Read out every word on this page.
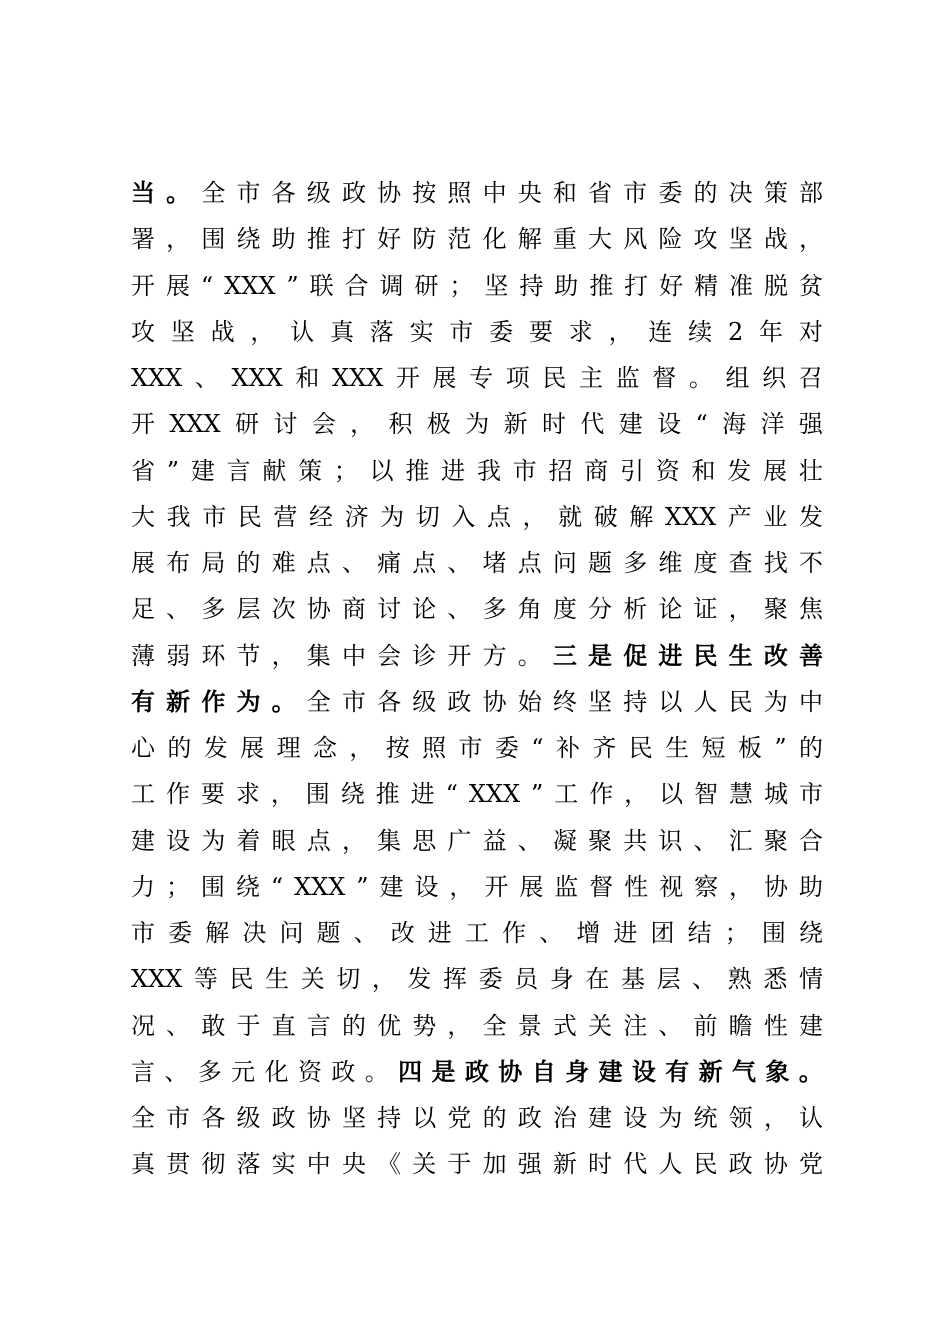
当 。 全 市 各 级 政 协 按 照 中 央 和 省 市 委 的 决 策 部
署 ， 围 绕 助 推 打 好 防 范 化 解 重 大 风 险 攻 坚 战 ，
开 展 “ XXX ” 联 合 调 研 ； 坚 持 助 推 打 好 精 准 脱 贫
攻 坚 战 ， 认 真 落 实 市 委 要 求 ， 连 续 2 年 对
XXX 、 XXX 和 XXX 开 展 专 项 民 主 监 督 。 组 织 召
开 XXX 研 讨 会 ， 积 极 为 新 时 代 建 设 “ 海 洋 强
省 ” 建 言 献 策 ； 以 推 进 我 市 招 商 引 资 和 发 展 壮
大 我 市 民 营 经 济 为 切 入 点 ， 就 破 解 XXX 产 业 发
展 布 局 的 难 点 、 痛 点 、 堵 点 问 题 多 维 度 查 找 不
足 、 多 层 次 协 商 讨 论 、 多 角 度 分 析 论 证 ， 聚 焦
薄 弱 环 节 ， 集 中 会 诊 开 方 。 三 是 促 进 民 生 改 善
有 新 作 为 。 全 市 各 级 政 协 始 终 坚 持 以 人 民 为 中
心 的 发 展 理 念 ， 按 照 市 委 “ 补 齐 民 生 短 板 ” 的
工 作 要 求 ， 围 绕 推 进 “ XXX ” 工 作 ， 以 智 慧 城 市
建 设 为 着 眼 点 ， 集 思 广 益 、 凝 聚 共 识 、 汇 聚 合
力 ； 围 绕 “ XXX ” 建 设 ， 开 展 监 督 性 视 察 ， 协 助
市 委 解 决 问 题 、 改 进 工 作 、 增 进 团 结 ； 围 绕
XXX 等 民 生 关 切 ， 发 挥 委 员 身 在 基 层 、 熟 悉 情
况 、 敢 于 直 言 的 优 势 ， 全 景 式 关 注 、 前 瞻 性 建
言 、 多 元 化 资 政 。 四 是 政 协 自 身 建 设 有 新 气 象 。
全 市 各 级 政 协 坚 持 以 党 的 政 治 建 设 为 统 领 ， 认
真 贯 彻 落 实 中 央 《 关 于 加 强 新 时 代 人 民 政 协 党
